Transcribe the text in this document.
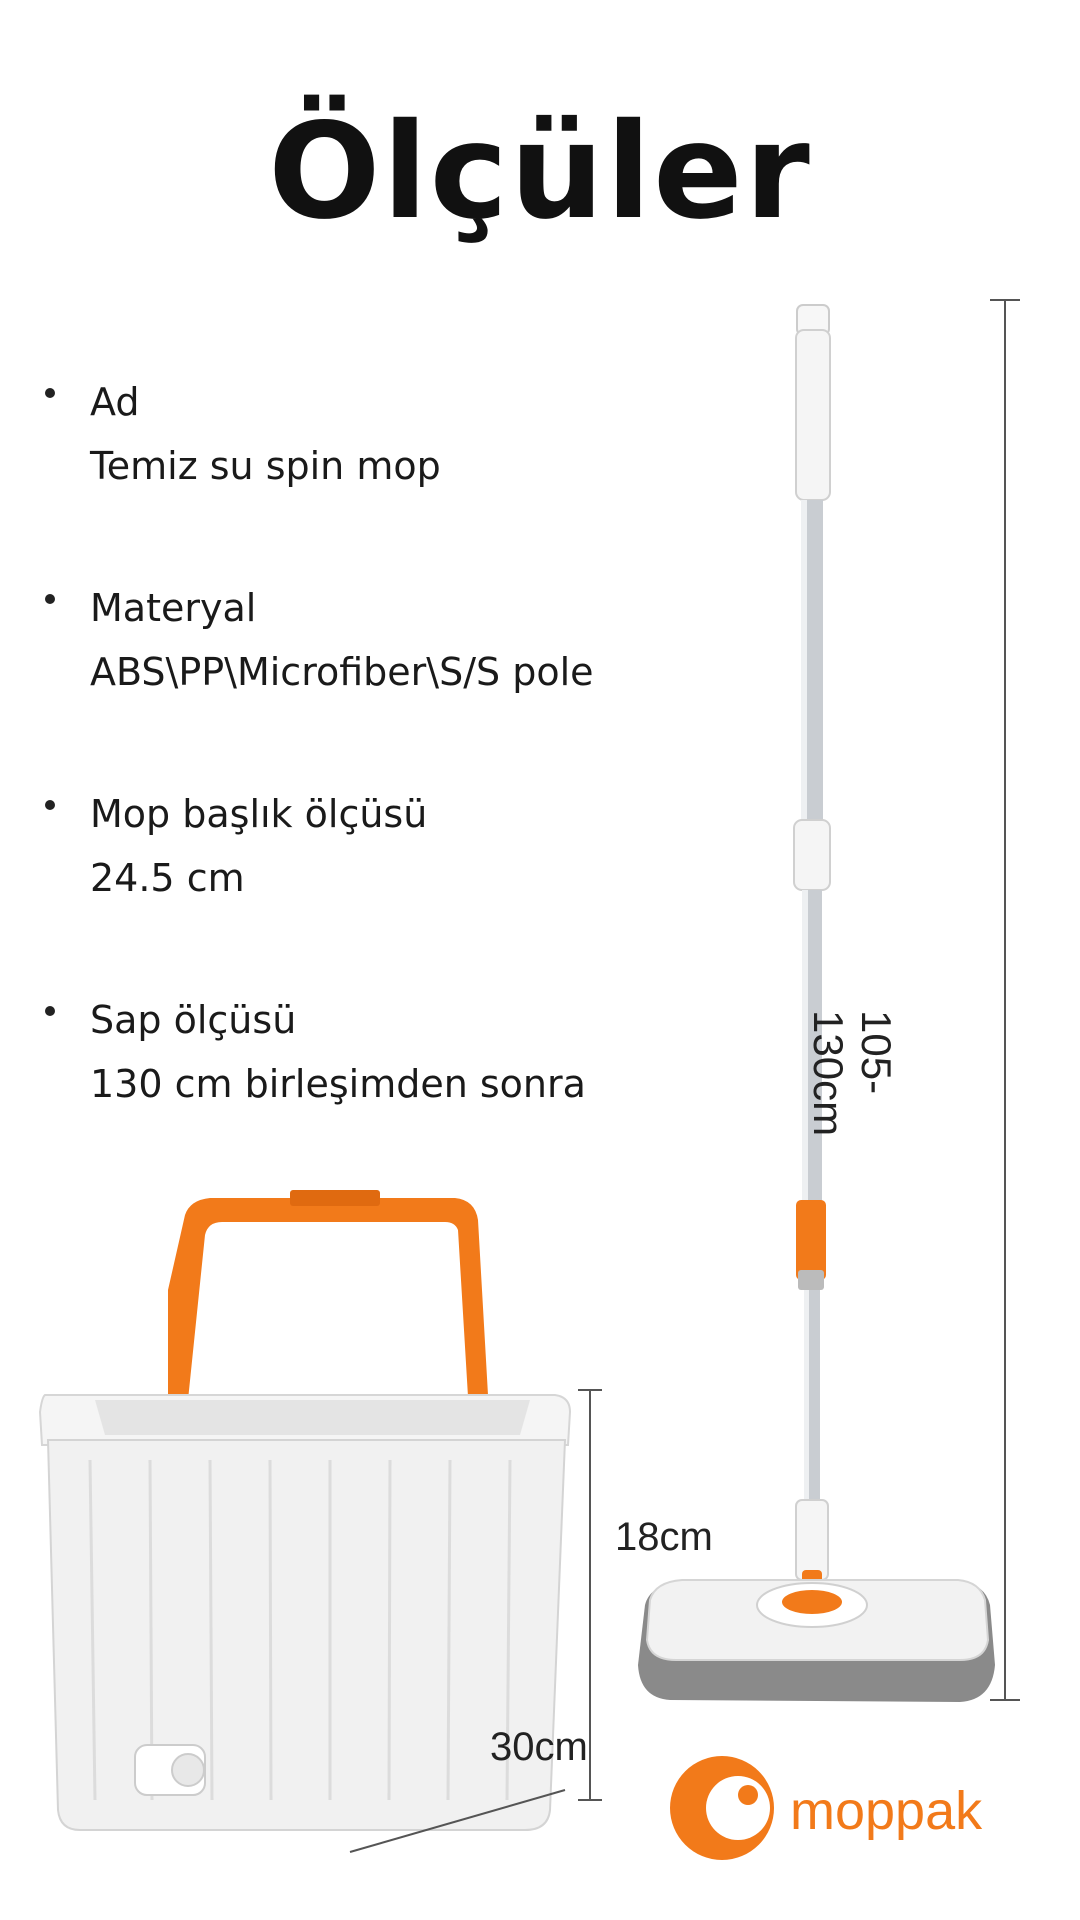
Ölçüler
Ad
Temiz su spin mop
Materyal
ABS\PP\Microfiber\S/S pole
Mop başlık ölçüsü
24.5 cm
Sap ölçüsü
130 cm birleşimden sonra	105-130cm
18cm
30cm
moppak
